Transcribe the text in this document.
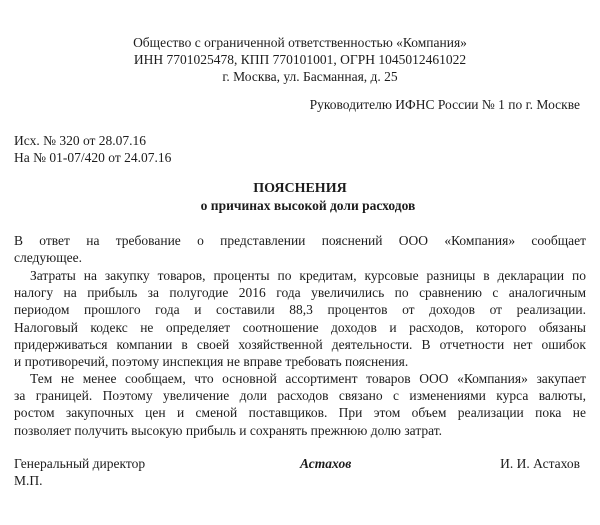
Общество с ограниченной ответственностью «Компания»
ИНН 7701025478, КПП 770101001, ОГРН 1045012461022
г. Москва, ул. Басманная, д. 25
Руководителю ИФНС России № 1 по г. Москве
Исх. № 320 от 28.07.16
На № 01-07/420 от 24.07.16
ПОЯСНЕНИЯ
о причинах высокой доли расходов
В ответ на требование о представлении пояснений ООО «Компания» сообщает
следующее.
Затраты на закупку товаров, проценты по кредитам, курсовые разницы в декларации по
налогу на прибыль за полугодие 2016 года увеличились по сравнению с аналогичным
периодом прошлого года и составили 88,3 процентов от доходов от реализации.
Налоговый кодекс не определяет соотношение доходов и расходов, которого обязаны
придерживаться компании в своей хозяйственной деятельности. В отчетности нет ошибок
и противоречий, поэтому инспекция не вправе требовать пояснения.
Тем не менее сообщаем, что основной ассортимент товаров ООО «Компания» закупает
за границей. Поэтому увеличение доли расходов связано с изменениями курса валюты,
ростом закупочных цен и сменой поставщиков. При этом объем реализации пока не
позволяет получить высокую прибыль и сохранять прежнюю долю затрат.
Генеральный директор	Астахов	И. И. Астахов
М.П.
